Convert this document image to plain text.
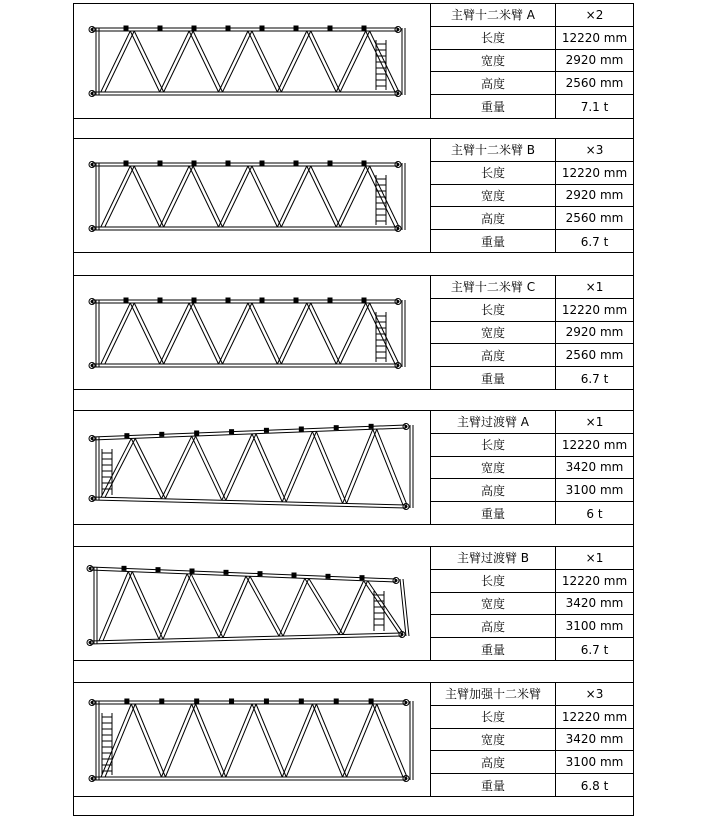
主臂十二米臂 A	×2
长度	12220 mm
宽度	2920 mm
高度	2560 mm
重量	7.1 t
主臂十二米臂 B	×3
长度	12220 mm
宽度	2920 mm
高度	2560 mm
重量	6.7 t
主臂十二米臂 C	×1
长度	12220 mm
宽度	2920 mm
高度	2560 mm
重量	6.7 t
主臂过渡臂 A	×1
长度	12220 mm
宽度	3420 mm
高度	3100 mm
重量	6 t
主臂过渡臂 B	×1
长度	12220 mm
宽度	3420 mm
高度	3100 mm
重量	6.7 t
主臂加强十二米臂	×3
长度	12220 mm
宽度	3420 mm
高度	3100 mm
重量	6.8 t
